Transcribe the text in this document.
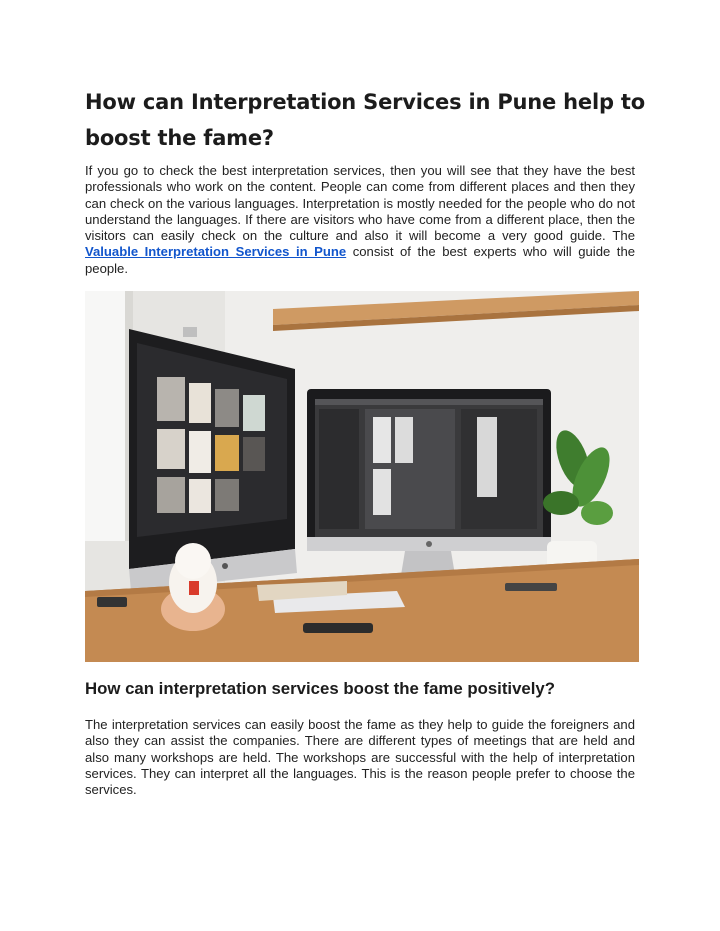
How can Interpretation Services in Pune help to boost the fame?

If you go to check the best interpretation services, then you will see that they have the best professionals who work on the content. People can come from different places and then they can check on the various languages. Interpretation is mostly needed for the people who do not understand the languages. If there are visitors who have come from a different place, then the visitors can easily check on the culture and also it will become a very good guide. The Valuable Interpretation Services in Pune consist of the best experts who will guide the people.

How can interpretation services boost the fame positively?

The interpretation services can easily boost the fame as they help to guide the foreigners and also they can assist the companies. There are different types of meetings that are held and also many workshops are held. The workshops are successful with the help of interpretation services. They can interpret all the languages. This is the reason people prefer to choose the services.
